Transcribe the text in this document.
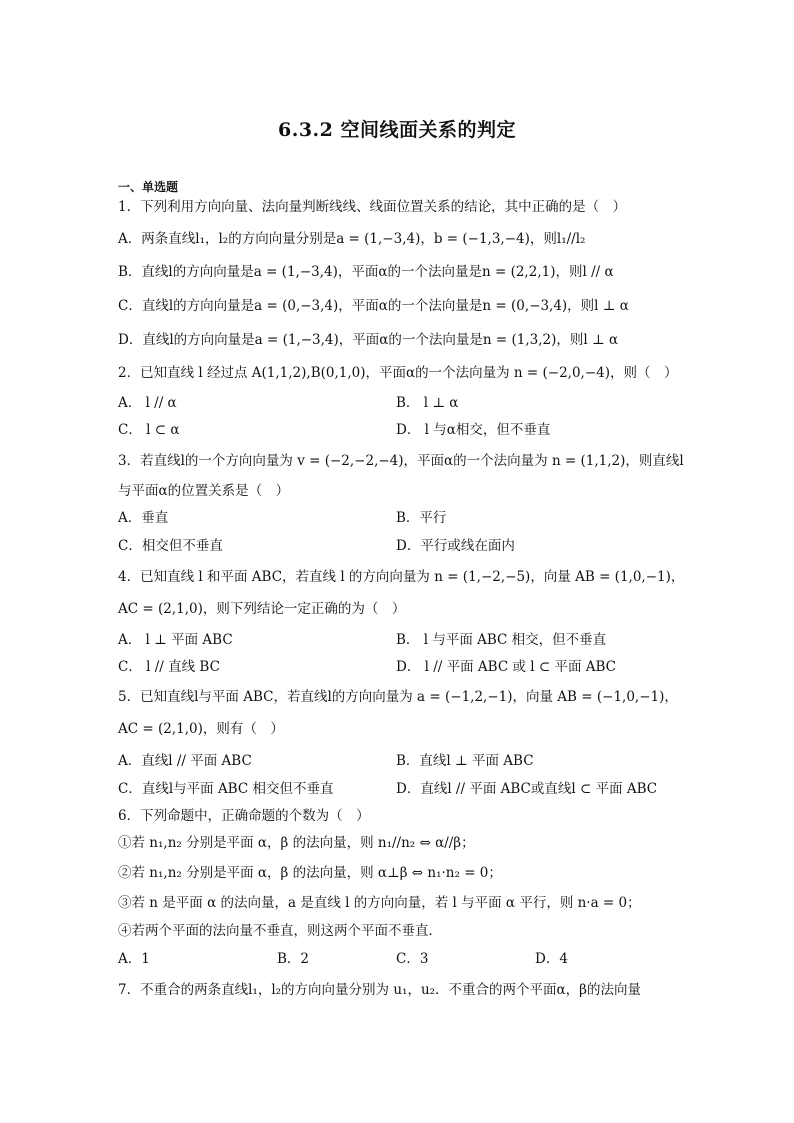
6.3.2 空间线面关系的判定
一、单选题
1．下列利用方向向量、法向量判断线线、线面位置关系的结论，其中正确的是（　）
A．两条直线l₁，l₂的方向向量分别是a = (1,−3,4)，b = (−1,3,−4)，则l₁//l₂
B．直线l的方向向量是a = (1,−3,4)，平面α的一个法向量是n = (2,2,1)，则l // α
C．直线l的方向向量是a = (0,−3,4)，平面α的一个法向量是n = (0,−3,4)，则l ⊥ α
D．直线l的方向向量是a = (1,−3,4)，平面α的一个法向量是n = (1,3,2)，则l ⊥ α
2．已知直线 l 经过点 A(1,1,2),B(0,1,0)，平面α的一个法向量为 n = (−2,0,−4)，则（　）
A． l // α	B． l ⊥ α
C． l ⊂ α	D． l 与α相交，但不垂直
3．若直线l的一个方向向量为 v = (−2,−2,−4)，平面α的一个法向量为 n = (1,1,2)，则直线l
与平面α的位置关系是（　）
A．垂直	B．平行
C．相交但不垂直	D．平行或线在面内
4．已知直线 l 和平面 ABC，若直线 l 的方向向量为 n = (1,−2,−5)，向量 AB = (1,0,−1)，
AC = (2,1,0)，则下列结论一定正确的为（　）
A． l ⊥ 平面 ABC	B． l 与平面 ABC 相交，但不垂直
C． l // 直线 BC	D． l // 平面 ABC 或 l ⊂ 平面 ABC
5．已知直线l与平面 ABC，若直线l的方向向量为 a = (−1,2,−1)，向量 AB = (−1,0,−1)，
AC = (2,1,0)，则有（　）
A．直线l // 平面 ABC	B．直线l ⊥ 平面 ABC
C．直线l与平面 ABC 相交但不垂直	D．直线l // 平面 ABC或直线l ⊂ 平面 ABC
6．下列命题中，正确命题的个数为（　）
①若 n₁,n₂ 分别是平面 α，β 的法向量，则 n₁//n₂ ⇔ α//β；
②若 n₁,n₂ 分别是平面 α，β 的法向量，则 α⊥β ⇔ n₁·n₂ = 0；
③若 n 是平面 α 的法向量，a 是直线 l 的方向向量，若 l 与平面 α 平行，则 n·a = 0；
④若两个平面的法向量不垂直，则这两个平面不垂直．
A．1	B．2	C．3	D．4
7．不重合的两条直线l₁，l₂的方向向量分别为 u₁，u₂．不重合的两个平面α，β的法向量
